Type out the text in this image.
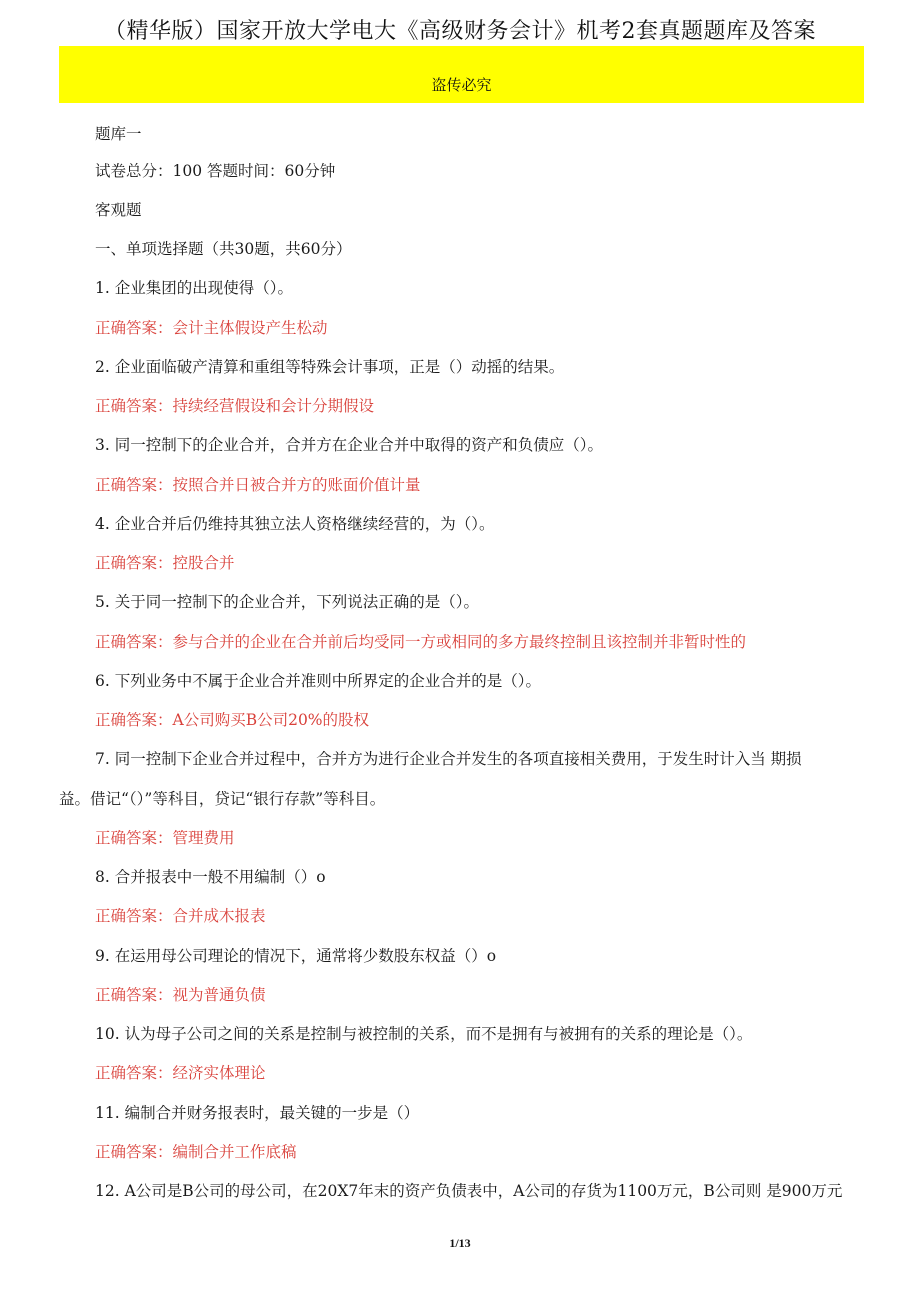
（精华版）国家开放大学电大《高级财务会计》机考2套真题题库及答案
盗传必究
题库一
试卷总分：100 答题时间：60分钟
客观题
一、单项选择题（共30题，共60分）
1. 企业集团的出现使得（）。
正确答案：会计主体假设产生松动
2. 企业面临破产清算和重组等特殊会计事项，正是（）动摇的结果。
正确答案：持续经营假设和会计分期假设
3. 同一控制下的企业合并，合并方在企业合并中取得的资产和负债应（）。
正确答案：按照合并日被合并方的账面价值计量
4. 企业合并后仍维持其独立法人资格继续经营的，为（）。
正确答案：控股合并
5. 关于同一控制下的企业合并，下列说法正确的是（）。
正确答案：参与合并的企业在合并前后均受同一方或相同的多方最终控制且该控制并非暂时性的
6. 下列业务中不属于企业合并准则中所界定的企业合并的是（）。
正确答案：A公司购买B公司20%的股权
7. 同一控制下企业合并过程中，合并方为进行企业合并发生的各项直接相关费用，于发生时计入当 期损
益。借记“（）”等科目，贷记“银行存款”等科目。
正确答案：管理费用
8. 合并报表中一般不用编制（）o
正确答案：合并成木报表
9. 在运用母公司理论的情况下，通常将少数股东权益（）o
正确答案：视为普通负债
10. 认为母子公司之间的关系是控制与被控制的关系，而不是拥有与被拥有的关系的理论是（）。
正确答案：经济实体理论
11. 编制合并财务报表时，最关键的一步是（）
正确答案：编制合并工作底稿
12. A公司是B公司的母公司，在20X7年末的资产负债表中，A公司的存货为1100万元，B公司则 是900万元
1/13
